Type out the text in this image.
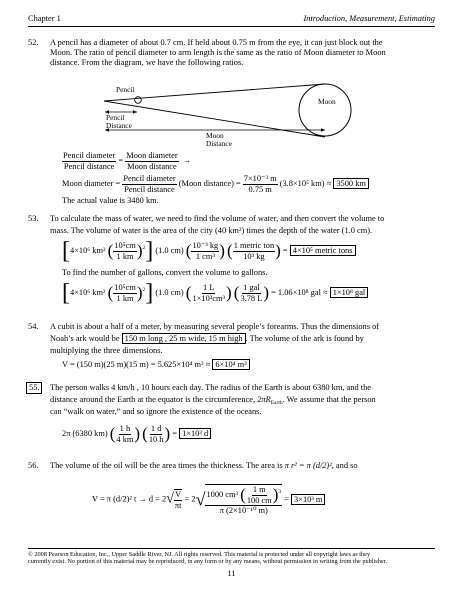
Chapter 1	Introduction, Measurement, Estimating
52. A pencil has a diameter of about 0.7 cm. If held about 0.75 m from the eye, it can just block out the
Moon. The ratio of pencil diameter to arm length is the same as the ratio of Moon diameter to Moon
distance. From the diagram, we have the following ratios.
Pencil
Moon
Pencil
Distance
Moon
Distance
$\frac{\text{Pencil diameter}}{\text{Pencil distance}} = \frac{\text{Moon diameter}}{\text{Moon distance}}$ →
Moon diameter = $\frac{\text{Pencil diameter}}{\text{Pencil distance}}$ (Moon distance) = $\frac{\text{7×10⁻³ m}}{0.75 m} (3.8\times 10^5$ km) ≈ 3500 km
The actual value is 3480 km.
53. To calculate the mass of water, we need to find the volume of water, and then convert the volume to
mass. The volume of water is the area of the city (40 km²) times the depth of the water (1.0 cm).
[4×10⁶ km² ( $\frac{\text{10⁵cm}}{1 km} )^2$] (1.0 cm) ( $\frac{\text{10⁻³ kg}}{\text{1 cm³}}$ ) ( $\frac{\text{1 metric ton}}{\text{10³ kg}}$ ) = 4×10⁵ metric tons
To find the number of gallons, convert the volume to gallons.
[4×10⁶ km² ( $\frac{\text{10⁵cm}}{1 km} )^2$] (1.0 cm) ( $\frac{1 L}{\text{1×10³cm³}}$ ) ( $\frac{\text{1 gal}}{3.78 L}$ ) = 1.06×10⁸ gal ≈ 1×10⁸ gal
54. A cubit is about a half of a meter, by measuring several people’s forearms. Thus the dimensions of
Noah’s ark would be 150 m long , 25 m wide, 15 m high . The volume of the ark is found by
multiplying the three dimensions.
V = (150 m)(25 m)(15 m) = 5.625×10⁴ m³ ≈ 6×10⁴ m³
55.	The person walks 4 km/h , 10 hours each day. The radius of the Earth is about 6380 km, and the
distance around the Earth at the equator is the circumference, $2\pi R_{Earth}$. We assume that the person
can “walk on water,” and so ignore the existence of the oceans.
2π (6380 km) ( $\frac{1 h}{4 km}$ ) ( $\frac{1 d}{10 h}$ ) = 1×10³ d
56. The volume of the oil will be the area times the thickness. The area is π r² = π (d/2)², and so
V = π (d/2)² $t \to d = 2√ \frac{V}{\pi t} = 2√ \frac{1000 cm^3 ( \frac{1 m}{100 cm} )^3}{\text{π (2×10⁻¹⁰ m)}} = 3\times 10^3$ m
© 2008 Pearson Education, Inc., Upper Saddle River, NJ. All rights reserved. This material is protected under all copyright laws as they
currently exist. No portion of this material may be reproduced, in any form or by any means, without permission in writing from the publisher.
11
